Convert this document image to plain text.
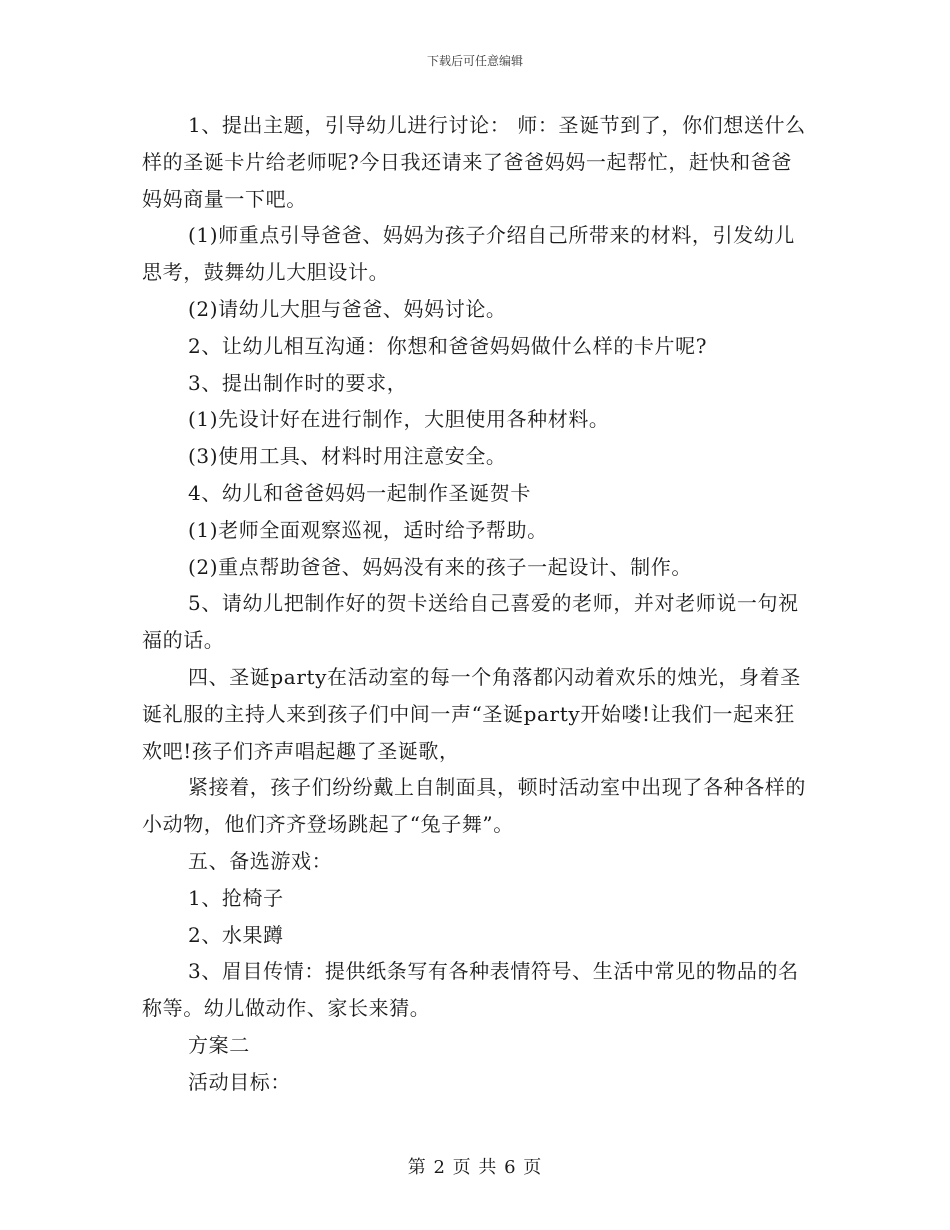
下载后可任意编辑

1、提出主题，引导幼儿进行讨论： 师：圣诞节到了，你们想送什么样的圣诞卡片给老师呢?今日我还请来了爸爸妈妈一起帮忙，赶快和爸爸妈妈商量一下吧。

(1)师重点引导爸爸、妈妈为孩子介绍自己所带来的材料，引发幼儿思考，鼓舞幼儿大胆设计。

(2)请幼儿大胆与爸爸、妈妈讨论。

2、让幼儿相互沟通：你想和爸爸妈妈做什么样的卡片呢?

3、提出制作时的要求，

(1)先设计好在进行制作，大胆使用各种材料。

(3)使用工具、材料时用注意安全。

4、幼儿和爸爸妈妈一起制作圣诞贺卡

(1)老师全面观察巡视，适时给予帮助。

(2)重点帮助爸爸、妈妈没有来的孩子一起设计、制作。

5、请幼儿把制作好的贺卡送给自己喜爱的老师，并对老师说一句祝福的话。

四、圣诞party在活动室的每一个角落都闪动着欢乐的烛光，身着圣诞礼服的主持人来到孩子们中间一声“圣诞party开始喽!让我们一起来狂欢吧!孩子们齐声唱起趣了圣诞歌，

紧接着，孩子们纷纷戴上自制面具，顿时活动室中出现了各种各样的小动物，他们齐齐登场跳起了“兔子舞”。

五、备选游戏：

1、抢椅子

2、水果蹲

3、眉目传情：提供纸条写有各种表情符号、生活中常见的物品的名称等。幼儿做动作、家长来猜。

方案二

活动目标：

第 2 页 共 6 页
